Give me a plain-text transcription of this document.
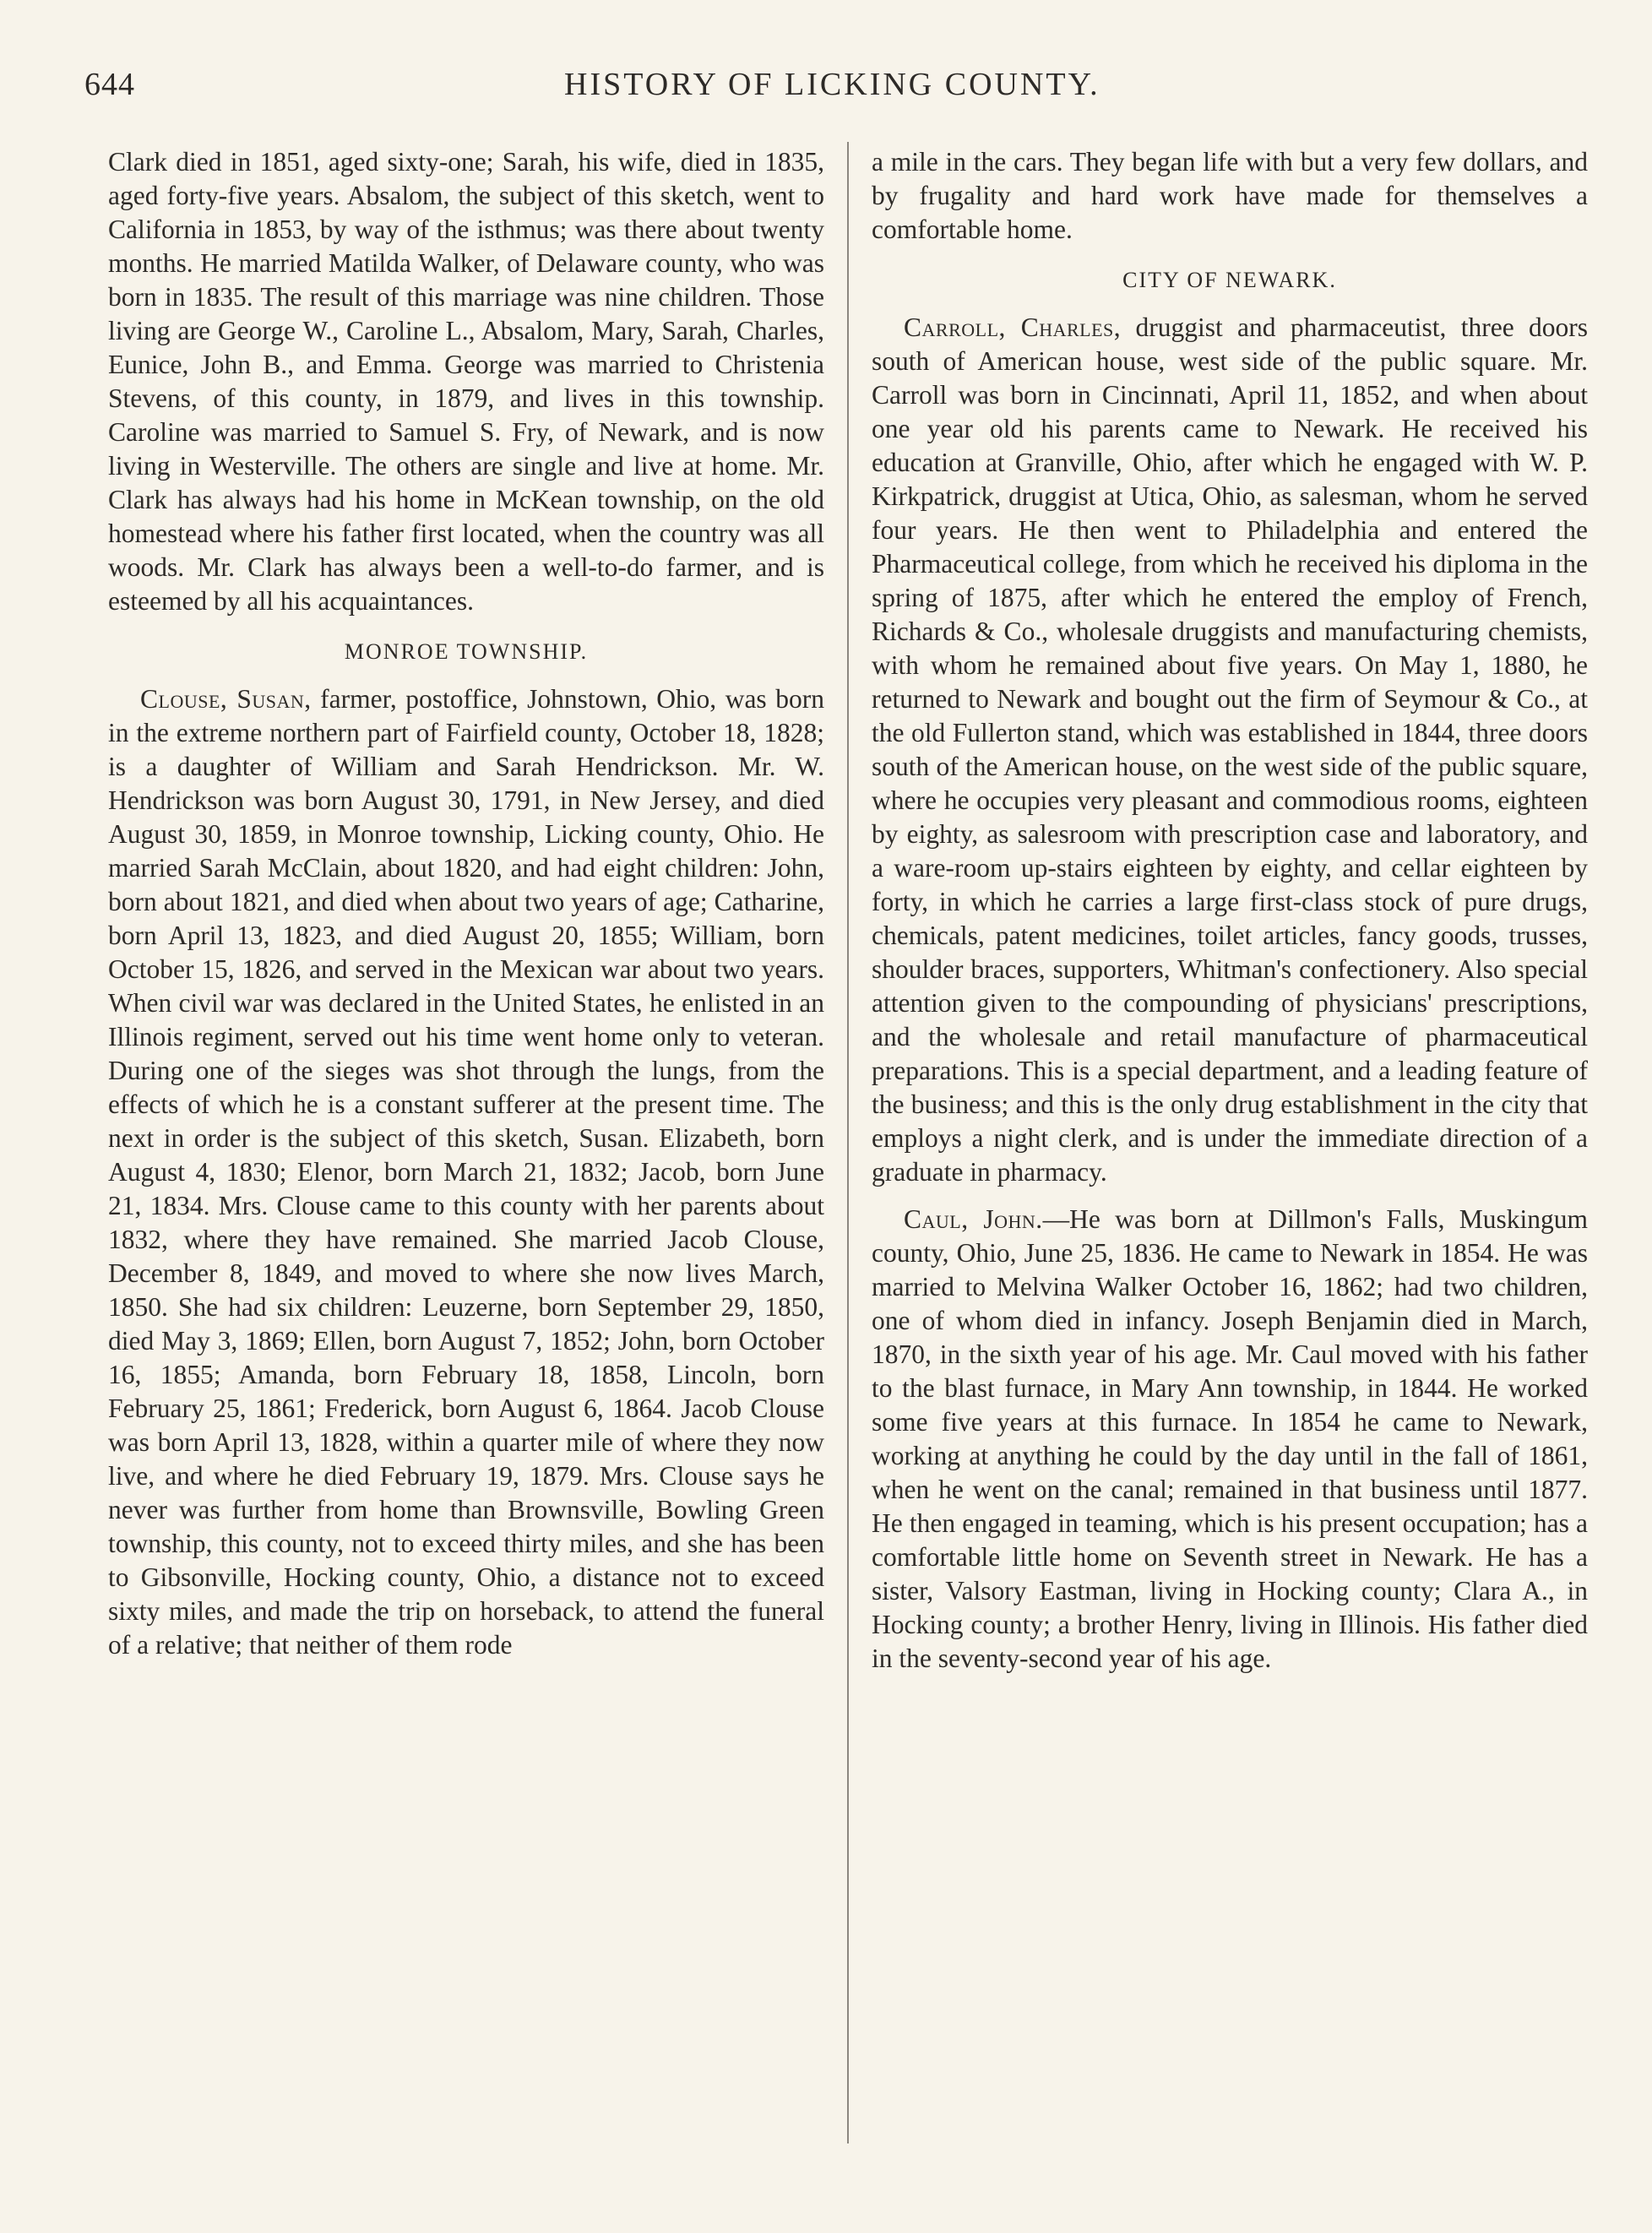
644	HISTORY OF LICKING COUNTY.

Clark died in 1851, aged sixty-one; Sarah, his wife, died in 1835, aged forty-five years. Absalom, the subject of this sketch, went to California in 1853, by way of the isthmus; was there about twenty months. He married Matilda Walker, of Delaware county, who was born in 1835. The result of this marriage was nine children. Those living are George W., Caroline L., Absalom, Mary, Sarah, Charles, Eunice, John B., and Emma. George was married to Christenia Stevens, of this county, in 1879, and lives in this township. Caroline was married to Samuel S. Fry, of Newark, and is now living in Westerville. The others are single and live at home. Mr. Clark has always had his home in McKean township, on the old homestead where his father first located, when the country was all woods. Mr. Clark has always been a well-to-do farmer, and is esteemed by all his acquaintances.

MONROE TOWNSHIP.

Clouse, Susan, farmer, postoffice, Johnstown, Ohio, was born in the extreme northern part of Fairfield county, October 18, 1828; is a daughter of William and Sarah Hendrickson. Mr. W. Hendrickson was born August 30, 1791, in New Jersey, and died August 30, 1859, in Monroe township, Licking county, Ohio. He married Sarah McClain, about 1820, and had eight children: John, born about 1821, and died when about two years of age; Catharine, born April 13, 1823, and died August 20, 1855; William, born October 15, 1826, and served in the Mexican war about two years. When civil war was declared in the United States, he enlisted in an Illinois regiment, served out his time went home only to veteran. During one of the sieges was shot through the lungs, from the effects of which he is a constant sufferer at the present time. The next in order is the subject of this sketch, Susan. Elizabeth, born August 4, 1830; Elenor, born March 21, 1832; Jacob, born June 21, 1834. Mrs. Clouse came to this county with her parents about 1832, where they have remained. She married Jacob Clouse, December 8, 1849, and moved to where she now lives March, 1850. She had six children: Leuzerne, born September 29, 1850, died May 3, 1869; Ellen, born August 7, 1852; John, born October 16, 1855; Amanda, born February 18, 1858, Lincoln, born February 25, 1861; Frederick, born August 6, 1864. Jacob Clouse was born April 13, 1828, within a quarter mile of where they now live, and where he died February 19, 1879. Mrs. Clouse says he never was further from home than Brownsville, Bowling Green township, this county, not to exceed thirty miles, and she has been to Gibsonville, Hocking county, Ohio, a distance not to exceed sixty miles, and made the trip on horseback, to attend the funeral of a relative; that neither of them rode

a mile in the cars. They began life with but a very few dollars, and by frugality and hard work have made for themselves a comfortable home.

CITY OF NEWARK.

Carroll, Charles, druggist and pharmaceutist, three doors south of American house, west side of the public square. Mr. Carroll was born in Cincinnati, April 11, 1852, and when about one year old his parents came to Newark. He received his education at Granville, Ohio, after which he engaged with W. P. Kirkpatrick, druggist at Utica, Ohio, as salesman, whom he served four years. He then went to Philadelphia and entered the Pharmaceutical college, from which he received his diploma in the spring of 1875, after which he entered the employ of French, Richards & Co., wholesale druggists and manufacturing chemists, with whom he remained about five years. On May 1, 1880, he returned to Newark and bought out the firm of Seymour & Co., at the old Fullerton stand, which was established in 1844, three doors south of the American house, on the west side of the public square, where he occupies very pleasant and commodious rooms, eighteen by eighty, as salesroom with prescription case and laboratory, and a ware-room up-stairs eighteen by eighty, and cellar eighteen by forty, in which he carries a large first-class stock of pure drugs, chemicals, patent medicines, toilet articles, fancy goods, trusses, shoulder braces, supporters, Whitman's confectionery. Also special attention given to the compounding of physicians' prescriptions, and the wholesale and retail manufacture of pharmaceutical preparations. This is a special department, and a leading feature of the business; and this is the only drug establishment in the city that employs a night clerk, and is under the immediate direction of a graduate in pharmacy.

Caul, John.—He was born at Dillmon's Falls, Muskingum county, Ohio, June 25, 1836. He came to Newark in 1854. He was married to Melvina Walker October 16, 1862; had two children, one of whom died in infancy. Joseph Benjamin died in March, 1870, in the sixth year of his age. Mr. Caul moved with his father to the blast furnace, in Mary Ann township, in 1844. He worked some five years at this furnace. In 1854 he came to Newark, working at anything he could by the day until in the fall of 1861, when he went on the canal; remained in that business until 1877. He then engaged in teaming, which is his present occupation; has a comfortable little home on Seventh street in Newark. He has a sister, Valsory Eastman, living in Hocking county; Clara A., in Hocking county; a brother Henry, living in Illinois. His father died in the seventy-second year of his age.
